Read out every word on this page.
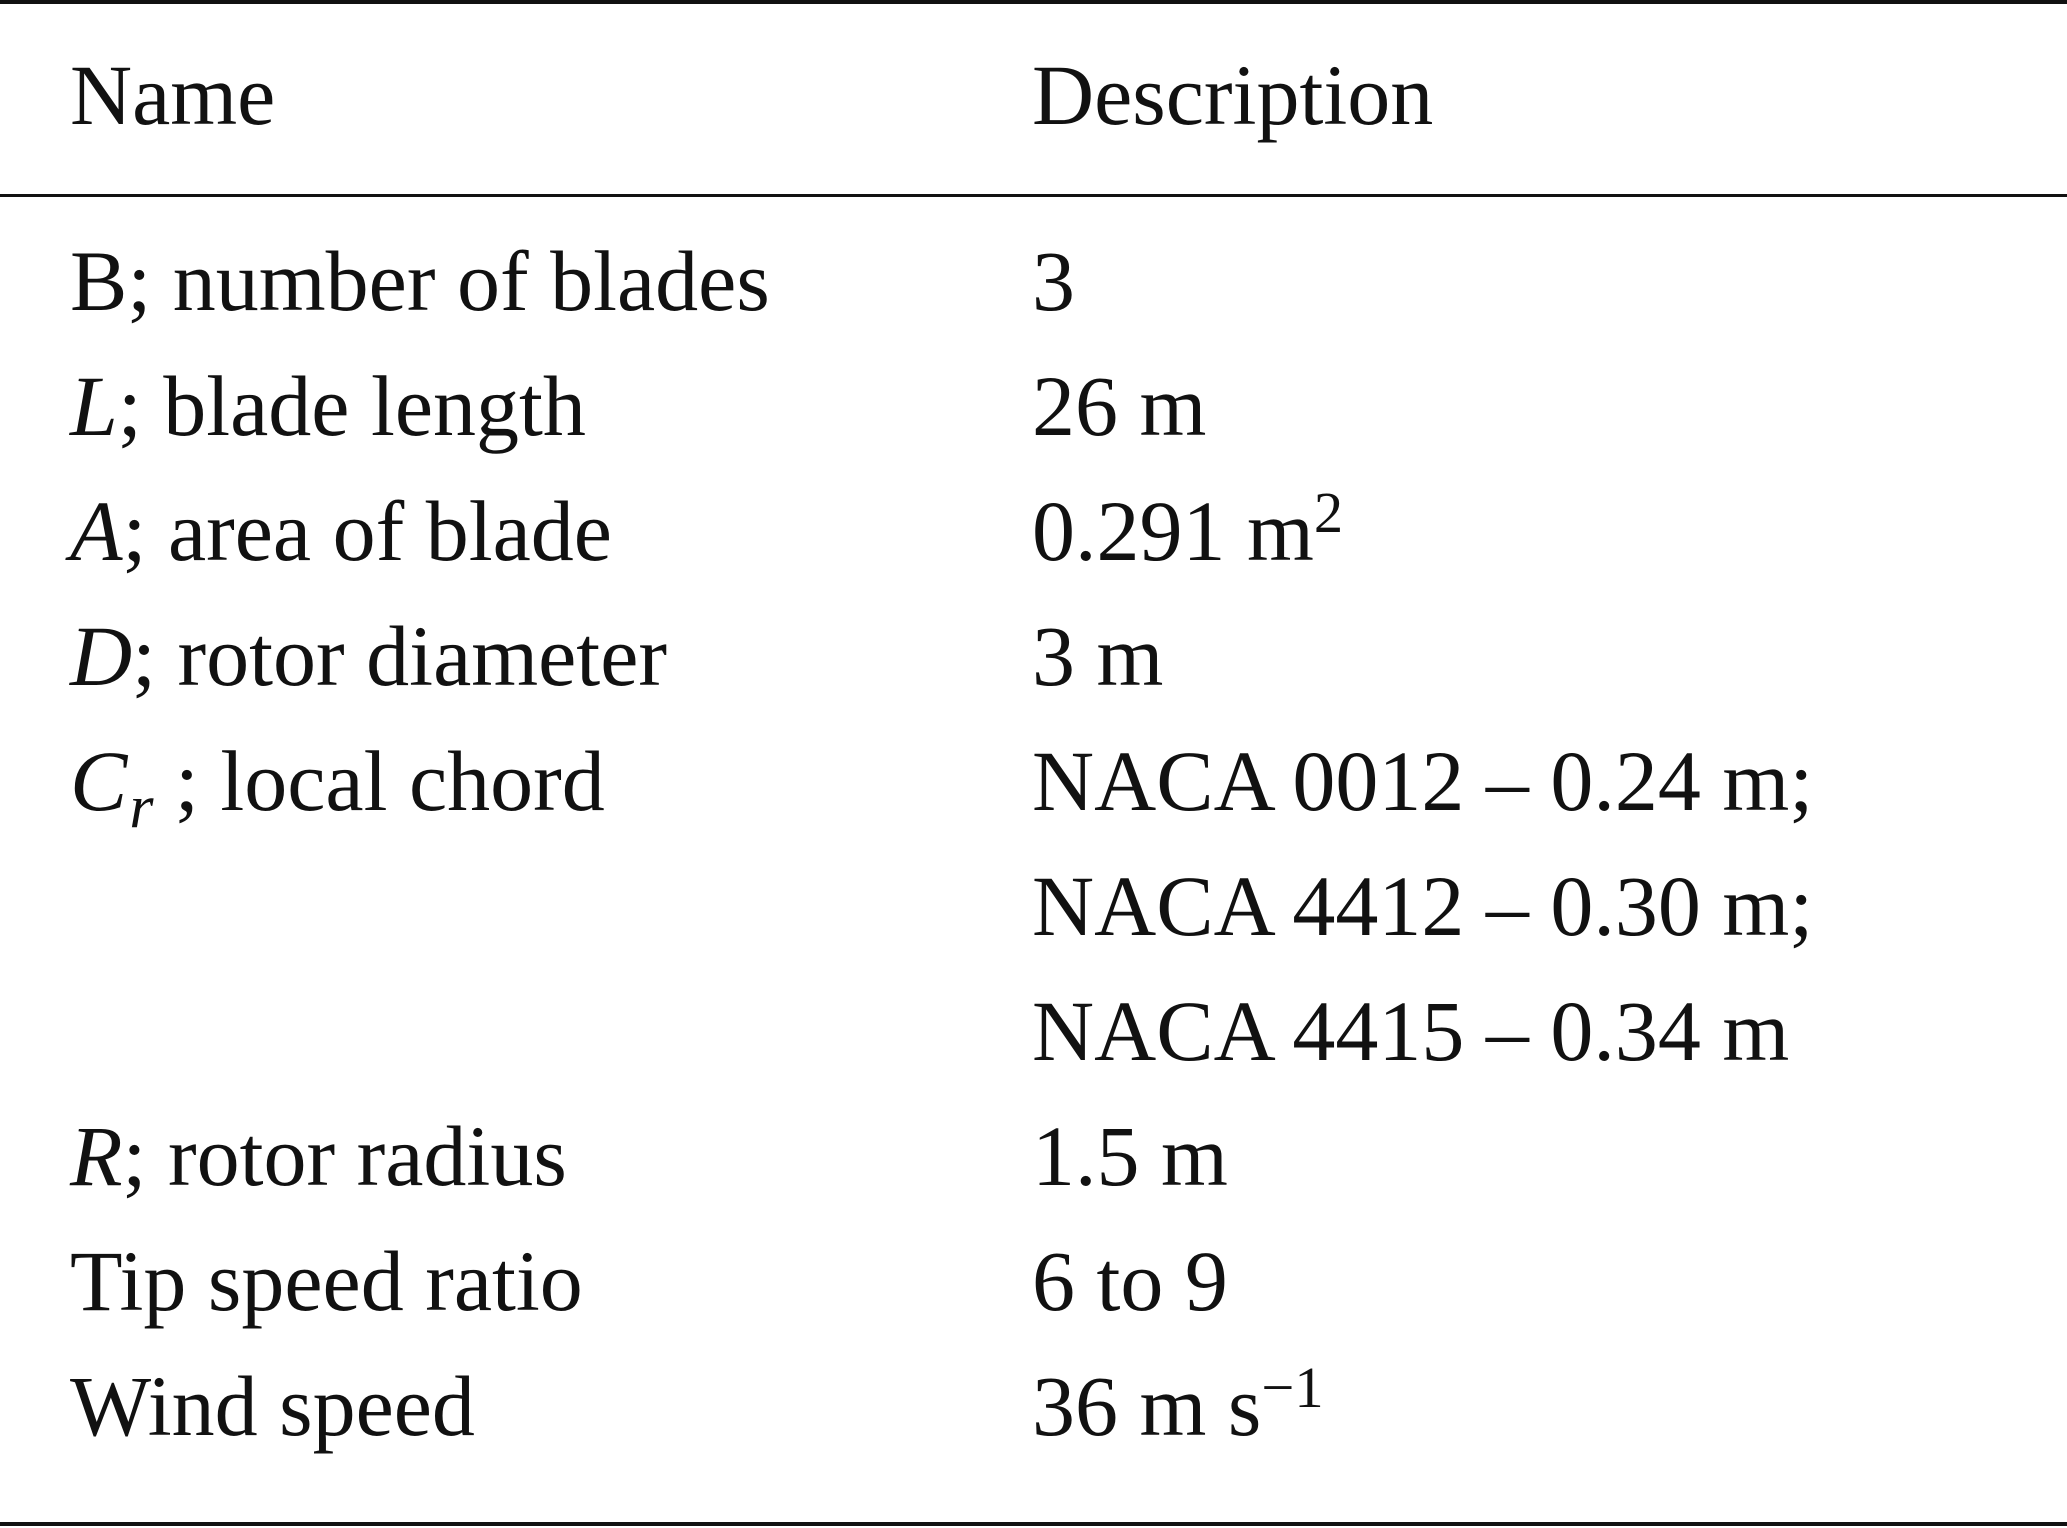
Name	Description
B; number of blades	3
L; blade length	26 m
A; area of blade	0.291 $m^2$
D; rotor diameter	3 m
$C_r$ ; local chord	NACA 0012 – 0.24 m;
NACA 4412 – 0.30 m;
NACA 4415 – 0.34 m
R; rotor radius	1.5 m
Tip speed ratio	6 to 9
Wind speed	36 m $s^{-1}$
